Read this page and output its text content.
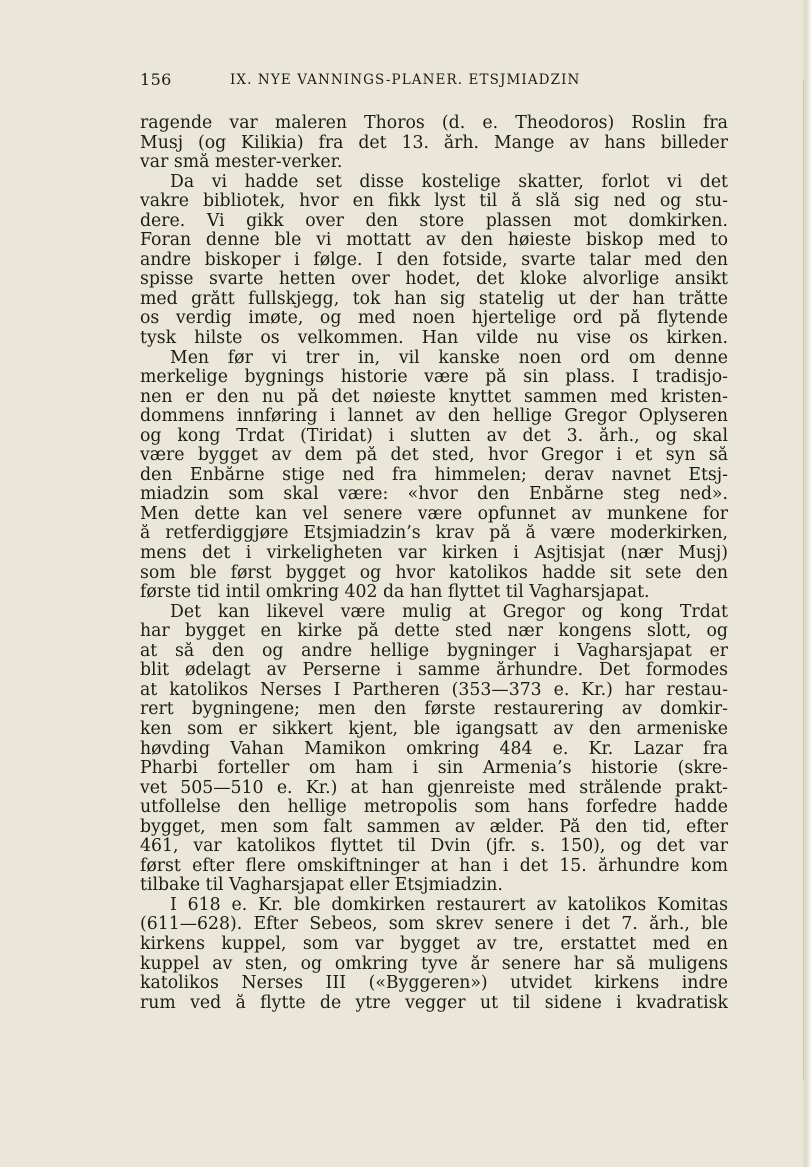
156	IX. NYE VANNINGS-PLANER. ETSJMIADZIN
ragende var maleren Thoros (d. e. Theodoros) Roslin fra
Musj (og Kilikia) fra det 13. årh. Mange av hans billeder
var små mester-verker.
Da vi hadde set disse kostelige skatter, forlot vi det
vakre bibliotek, hvor en fikk lyst til å slå sig ned og stu-
dere. Vi gikk over den store plassen mot domkirken.
Foran denne ble vi mottatt av den høieste biskop med to
andre biskoper i følge. I den fotside, svarte talar med den
spisse svarte hetten over hodet, det kloke alvorlige ansikt
med grått fullskjegg, tok han sig statelig ut der han tråtte
os verdig imøte, og med noen hjertelige ord på flytende
tysk hilste os velkommen. Han vilde nu vise os kirken.
Men før vi trer in, vil kanske noen ord om denne
merkelige bygnings historie være på sin plass. I tradisjo-
nen er den nu på det nøieste knyttet sammen med kristen-
dommens innføring i lannet av den hellige Gregor Oplyseren
og kong Trdat (Tiridat) i slutten av det 3. årh., og skal
være bygget av dem på det sted, hvor Gregor i et syn så
den Enbårne stige ned fra himmelen; derav navnet Etsj-
miadzin som skal være: «hvor den Enbårne steg ned».
Men dette kan vel senere være opfunnet av munkene for
å retferdiggjøre Etsjmiadzin’s krav på å være moderkirken,
mens det i virkeligheten var kirken i Asjtisjat (nær Musj)
som ble først bygget og hvor katolikos hadde sit sete den
første tid intil omkring 402 da han flyttet til Vagharsjapat.
Det kan likevel være mulig at Gregor og kong Trdat
har bygget en kirke på dette sted nær kongens slott, og
at så den og andre hellige bygninger i Vagharsjapat er
blit ødelagt av Perserne i samme århundre. Det formodes
at katolikos Nerses I Partheren (353—373 e. Kr.) har restau-
rert bygningene; men den første restaurering av domkir-
ken som er sikkert kjent, ble igangsatt av den armeniske
høvding Vahan Mamikon omkring 484 e. Kr. Lazar fra
Pharbi forteller om ham i sin Armenia’s historie (skre-
vet 505—510 e. Kr.) at han gjenreiste med strålende prakt-
utfollelse den hellige metropolis som hans forfedre hadde
bygget, men som falt sammen av ælder. På den tid, efter
461, var katolikos flyttet til Dvin (jfr. s. 150), og det var
først efter flere omskiftninger at han i det 15. århundre kom
tilbake til Vagharsjapat eller Etsjmiadzin.
I 618 e. Kr. ble domkirken restaurert av katolikos Komitas
(611—628). Efter Sebeos, som skrev senere i det 7. årh., ble
kirkens kuppel, som var bygget av tre, erstattet med en
kuppel av sten, og omkring tyve år senere har så muligens
katolikos Nerses III («Byggeren») utvidet kirkens indre
rum ved å flytte de ytre vegger ut til sidene i kvadratisk
